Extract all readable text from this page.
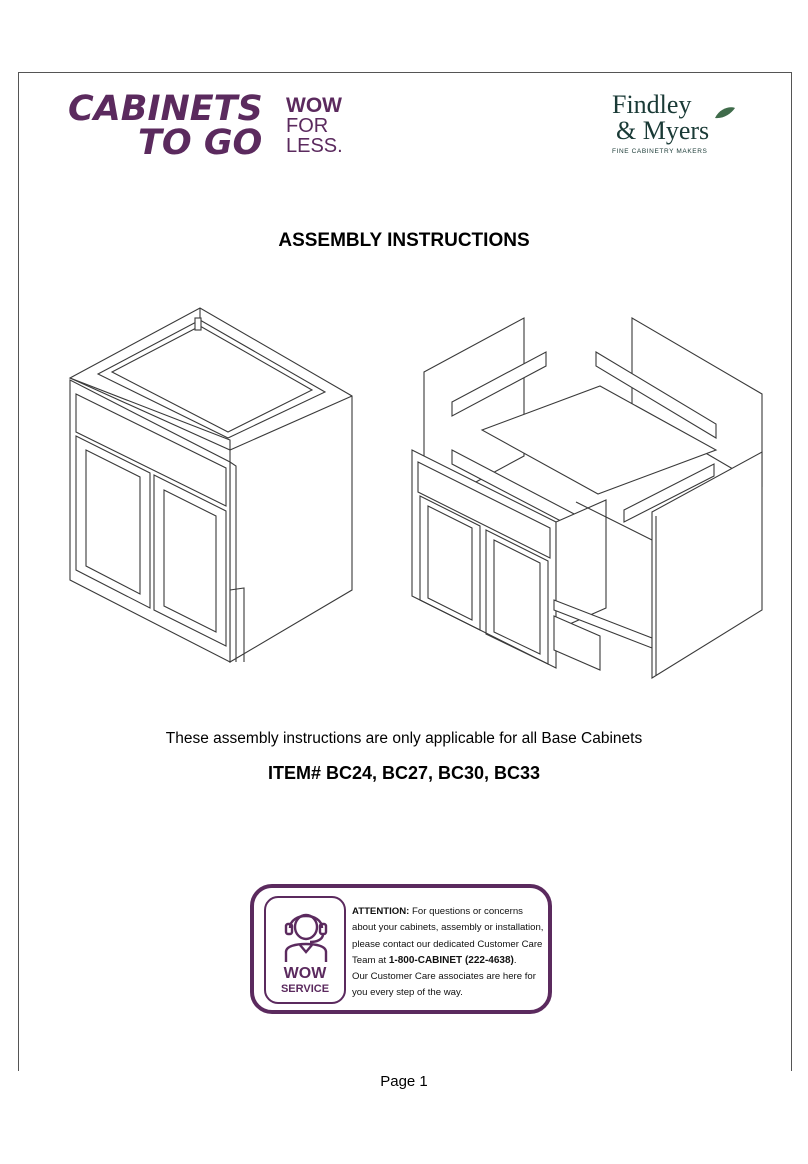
CABINETS
TO GO
WOW
FOR
LESS.
Findley
& Myers
FINE CABINETRY MAKERS
ASSEMBLY INSTRUCTIONS
These assembly instructions are only applicable for all Base Cabinets
ITEM# BC24, BC27, BC30, BC33
WOW
SERVICE
ATTENTION: For questions or concerns
about your cabinets, assembly or installation,
please contact our dedicated Customer Care
Team at 1-800-CABINET (222-4638).
Our Customer Care associates are here for
you every step of the way.
Page 1
